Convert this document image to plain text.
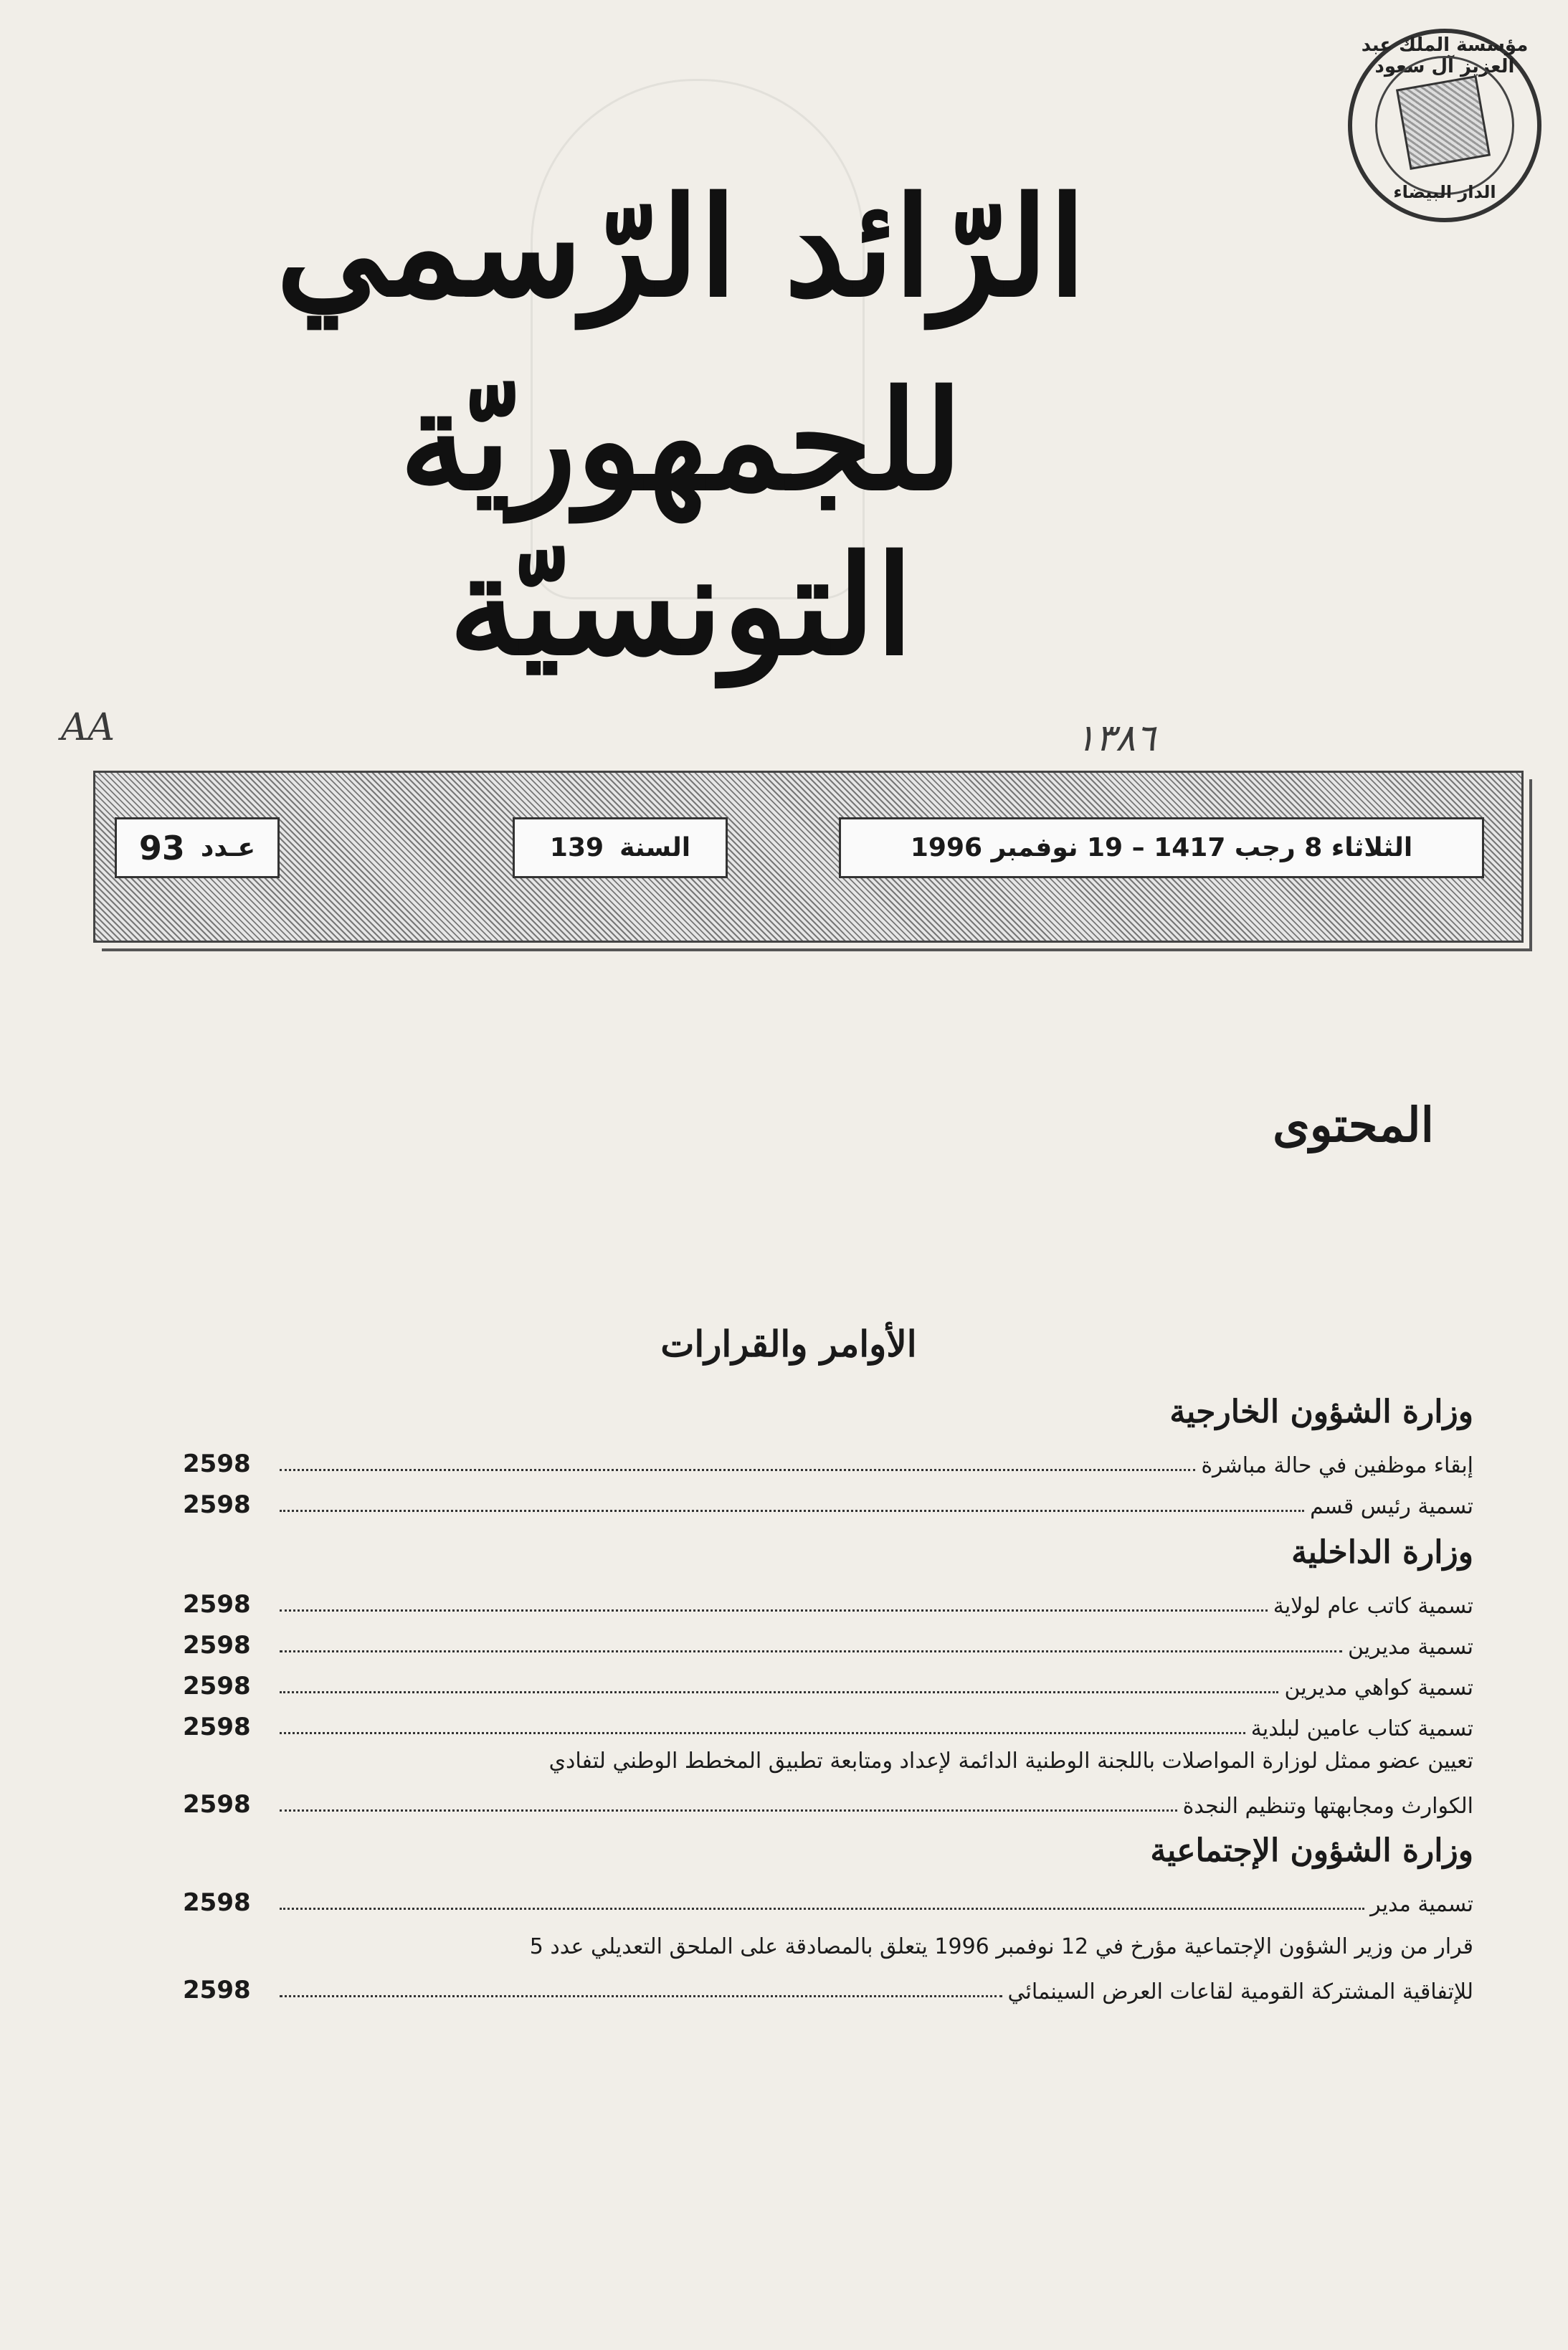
مؤسسة الملك عبد العزيز آل سعود
الدار البيضاء
AA	١٣٨٦
الرّائد الرّسمي
للجمهوريّة التونسيّة
الثلاثاء 8 رجب 1417 – 19 نوفمبر 1996
السنة
139
عـدد
93
المحتوى
الأوامر والقرارات
وزارة الشؤون الخارجية
إبقاء موظفين في حالة مباشرة
2598
تسمية رئيس قسم
2598
وزارة الداخلية
تسمية كاتب عام لولاية
2598
تسمية مديرين
2598
تسمية كواهي مديرين
2598
تسمية كتاب عامين لبلدية
2598
تعيين عضو ممثل لوزارة المواصلات باللجنة الوطنية الدائمة لإعداد ومتابعة تطبيق المخطط الوطني لتفادي
الكوارث ومجابهتها وتنظيم النجدة
2598
وزارة الشؤون الإجتماعية
تسمية مدير
2598
قرار من وزير الشؤون الإجتماعية مؤرخ في 12 نوفمبر 1996 يتعلق بالمصادقة على الملحق التعديلي عدد 5
للإتفاقية المشتركة القومية لقاعات العرض السينمائي
2598
